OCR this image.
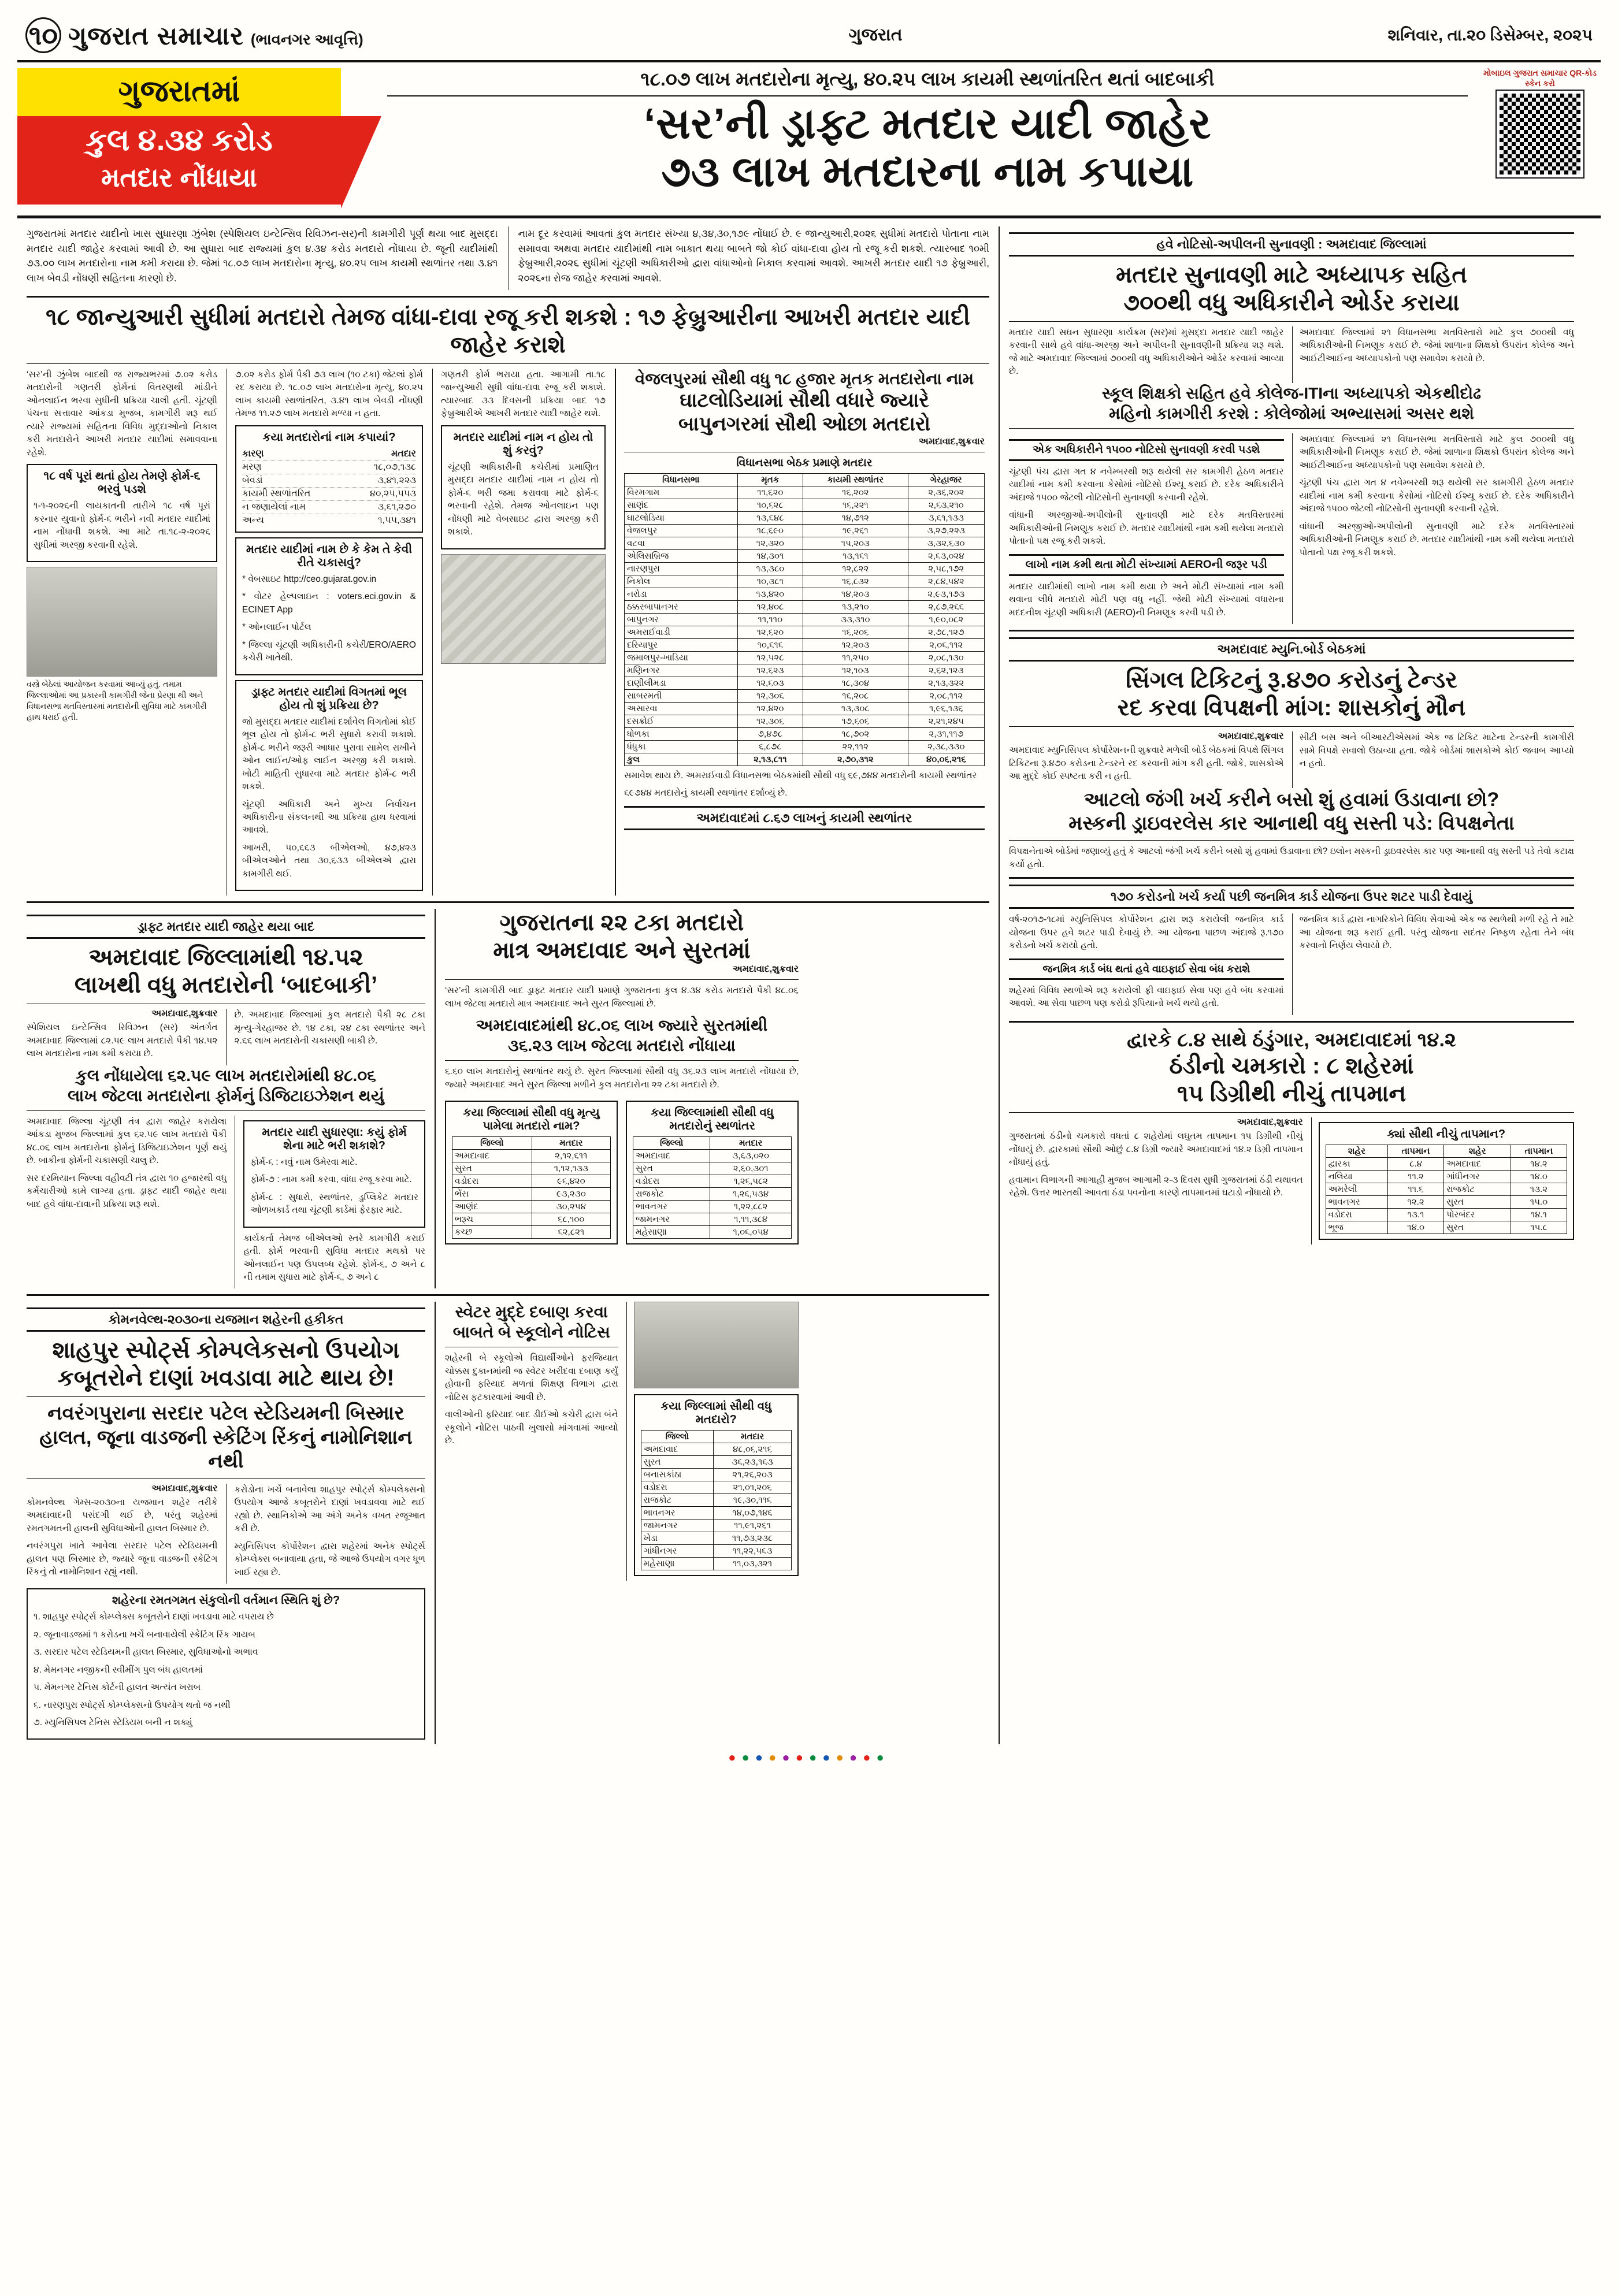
૧૦ ગુજરાત સમાચાર (ભાવનગર આવૃત્તિ)	ગુજરાત	શનિવાર, તા.૨૦ ડિસેમ્બર, ૨૦૨૫
ગુજરાતમાં
કુલ ૪.૩૪ કરોડ
મતદાર નોંધાયા
૧૮.૦૭ લાખ મતદારોના મૃત્યુ, ૪૦.૨૫ લાખ કાયમી સ્થળાંતરિત થતાં બાદબાકી
‘સર’ની ડ્રાફ્ટ મતદાર યાદી જાહેર
૭૩ લાખ મતદારના નામ કપાયા
મોબાઇલ ગુજરાત સમાચાર QR-કોડ સ્કેન કરો

ગુજરાતમાં મતદાર યાદીનો ખાસ સુધારણા ઝુંબેશ (સ્પેશિયલ ઇન્ટેન્સિવ રિવિઝન-સર)ની કામગીરી પૂર્ણ થયા બાદ મુસદ્દા મતદાર યાદી જાહેર કરવામાં આવી છે. આ સુધારા બાદ રાજ્યમાં કુલ ૪.૩૪ કરોડ મતદારો નોંધાયા છે. જૂની યાદીમાંથી ૭૩.૦૦ લાખ મતદારોના નામ કમી કરાયા છે. જેમાં ૧૮.૦૭ લાખ મતદારોના મૃત્યુ, ૪૦.૨૫ લાખ કાયમી સ્થળાંતર તથા ૩.૪૧ લાખ બેવડી નોંધણી સહિતના કારણો છે.

નામ દૂર કરવામાં આવતાં કુલ મતદાર સંખ્યા ૪,૩૪,૩૦,૧૭૯ નોંધાઈ છે. ૯ જાન્યુઆરી,૨૦૨૬ સુધીમાં મતદારો પોતાના નામ સમાવવા અથવા મતદાર યાદીમાંથી નામ બાકાત થયા બાબતે જો કોઈ વાંધા-દાવા હોય તો રજૂ કરી શકશે. ત્યારબાદ ૧૦મી ફેબ્રુઆરી,૨૦૨૬ સુધીમાં ચૂંટણી અધિકારીઓ દ્વારા વાંધાઓનો નિકાલ કરવામાં આવશે. આખરી મતદાર યાદી ૧૭ ફેબ્રુઆરી, ૨૦૨૬ના રોજ જાહેર કરવામાં આવશે.

૧૮ જાન્યુઆરી સુધીમાં મતદારો તેમજ વાંધા-દાવા રજૂ કરી શકશે : ૧૭ ફેબ્રુઆરીના આખરી મતદાર યાદી જાહેર કરાશે

‘સર’ની ઝુંબેશ બાદથી જ રાજ્યભરમાં ૭.૦૨ કરોડ મતદારોની ગણતરી ફોર્મનાં વિતરણથી માંડીને ઓનલાઈન ભરવા સુધીની પ્રક્રિયા ચાલી હતી. ચૂંટણી પંચના સત્તાવાર આંકડા મુજબ, કામગીરી શરૂ થઈ ત્યારે રાજ્યમાં સહિતના વિવિધ મુદ્દાઓનો નિકાલ કરી મતદારોને આખરી મતદાર યાદીમાં સમાવવાના રહેશે.

૧૮ વર્ષ પૂરાં થતાં હોય તેમણે ફોર્મ-૬ ભરવું પડશે

૧-૧-૨૦૨૬ની લાયકાતની તારીખે ૧૮ વર્ષ પૂરાં કરનાર યુવાનો ફોર્મ-૬ ભરીને નવી મતદાર યાદીમાં નામ નોંધાવી શકશે. આ માટે તા.૧૮-૨-૨૦૨૬ સુધીમાં અરજી કરવાની રહેશે.

વસ્ત્રે બેઠેલાં આયોજન કરવામાં આવ્યું હતું. તમામ જિલ્લાઓમાં આ પ્રકારની કામગીરી જેના પ્રેરણા થી અને વિધાનસભા મતવિસ્તારમાં મતદારોની સુવિધા માટે કામગીરી હાથ ધરાઈ હતી.

૭.૦૨ કરોડ ફોર્મ પૈકી ૭૩ લાખ (૧૦ ટકા) જેટલાં ફોર્મ રદ કરાયા છે. ૧૮.૦૭ લાખ મતદારોના મૃત્યુ, ૪૦.૨૫ લાખ કાયમી સ્થળાંતરિત, ૩.૪૧ લાખ બેવડી નોંધણી તેમજ ૧૧.૨૭ લાખ મતદારો મળ્યા ન હતા.

કયા મતદારોનાં નામ કપાયાં?
કારણ	મતદાર
મરણ	૧૮,૦૭,૧૩૮
બેવડાં	૩,૪૧,૨૨૩
કાયમી સ્થળાંતરિત	૪૦,૨૫,૫૫૩
ન જણાયેલાં નામ	૩,૬૧,૨૭૦
અન્ય	૧,૫૫,૩૪૧
મતદાર યાદીમાં નામ છે કે કેમ તે કેવી રીતે ચકાસવું?

* વેબસાઇટ http://ceo.gujarat.gov.in

* વોટર હેલ્પલાઇન : voters.eci.gov.in & ECINET App

* ઓનલાઈન પોર્ટલ

* જિલ્લા ચૂંટણી અધિકારીની કચેરી/ERO/AERO કચેરી ખાતેથી.

ડ્રાફ્ટ મતદાર યાદીમાં વિગતમાં ભૂલ હોય તો શું પ્રક્રિયા છે?

જો મુસદ્દા મતદાર યાદીમાં દર્શાવેલ વિગતોમાં કોઈ ભૂલ હોય તો ફોર્મ-૮ ભરી સુધારો કરાવી શકાશે. ફોર્મ-૮ ભરીને જરૂરી આધાર પુરાવા સામેલ રાખીને ઓન લાઈન/ઓફ લાઈન અરજી કરી શકાશે. ખોટી માહિતી સુધારવા માટે મતદાર ફોર્મ-૮ ભરી શકશે.

ચૂંટણી અધિકારી અને મુખ્ય નિર્વાચન અધિકારીના સંકલનથી આ પ્રક્રિયા હાથ ધરવામાં આવશે.

આખરી, ૫૦,૬૬૩ બીએલઓ, ૪૭,૪૨૩ બીએલઓને તથા ૩૦,૬૩૩ બીએલએ દ્વારા કામગીરી થઈ.

ગણતરી ફોર્મ ભરાયા હતા. આગામી તા.૧૮ જાન્યુઆરી સુધી વાંધા-દાવા રજૂ કરી શકાશે. ત્યારબાદ ૩૩ દિવસની પ્રક્રિયા બાદ ૧૭ ફેબ્રુઆરીએ આખરી મતદાર યાદી જાહેર થશે.

મતદાર યાદીમાં નામ ન હોય તો શું કરવું?

ચૂંટણી અધિકારીની કચેરીમાં પ્રમાણિત મુસદ્દા મતદાર યાદીમાં નામ ન હોય તો ફોર્મ-૬ ભરી જમા કરાવવા માટે ફોર્મ-૬ ભરવાની રહેશે. તેમજ ઓનલાઇન પણ નોંધણી માટે વેબસાઇટ દ્વારા અરજી કરી શકાશે.

વેજલપુરમાં સૌથી વધુ ૧૮ હજાર મૃતક મતદારોના નામ
ઘાટલોડિયામાં સૌથી વધારે જ્યારે
બાપુનગરમાં સૌથી ઓછા મતદારો
અમદાવાદ,શુક્રવાર
વિધાનસભા બેઠક પ્રમાણે મતદાર
વિધાનસભા	મૃતક	કાયમી સ્થળાંતર	ગેરહાજર
વિરમગામ	૧૧,૬૨૦	૧૬,૨૦૨	૨,૩૬,૨૦૨
સાણંદ	૧૦,૬૨૮	૧૬,૨૨૧	૨,૬૩,૨૧૦
ઘાટલોડિયા	૧૩,૬૪૮	૧૪,૭૧૨	૩,૬૧,૧૩૩
વેજલપુર	૧૮,૬૯૦	૧૯,૨૬૧	૩,૨૭,૨૨૩
વટવા	૧૨,૩૨૦	૧૫,૨૦૩	૩,૩૨,૬૩૦
એલિસબ્રિજ	૧૪,૩૦૧	૧૩,૧૬૧	૨,૬૩,૦૨૪
નારણપુરા	૧૩,૩૮૦	૧૨,૮૨૨	૨,૫૮,૧૭૨
નિકોલ	૧૦,૩૮૧	૧૬,૮૩૨	૨,૮૪,૫૪૨
નરોડા	૧૩,૪૨૦	૧૪,૨૦૩	૨,૯૩,૧૭૩
ઠક્કરબાપાનગર	૧૨,૪૦૮	૧૩,૨૧૦	૨,૮૭,૨૬૬
બાપુનગર	૧૧,૧૧૦	૩૩,૩૧૦	૧,૯૦,૦૮૨
અમરાઈવાડી	૧૨,૬૨૦	૧૬,૨૦૬	૨,૭૮,૧૨૭
દરિયાપુર	૧૦,૬૧૬	૧૨,૨૦૩	૨,૦૬,૧૧૨
જમાલપુર-ખાડિયા	૧૨,૫૨૮	૧૧,૨૫૦	૨,૦૮,૧૩૦
મણિનગર	૧૨,૬૨૩	૧૨,૧૦૩	૨,૬૨,૧૨૩
દાણીલીમડા	૧૨,૬૦૩	૧૮,૩૦૪	૨,૧૩,૩૨૨
સાબરમતી	૧૨,૩૦૬	૧૬,૨૦૮	૨,૦૮,૧૧૨
અસારવા	૧૨,૪૨૦	૧૩,૩૦૮	૧,૯૬,૧૩૬
દસક્રોઈ	૧૨,૩૦૬	૧૭,૬૦૬	૨,૨૧,૨૪૫
ધોળકા	૭,૪૭૮	૧૮,૭૦૨	૨,૩૧,૧૧૭
ધંધુકા	૬,૮૭૮	૨૨,૧૧૨	૨,૩૮,૩૩૦
કુલ	૨,૧૩,૮૧૧	૨,૭૦,૩૧૨	૪૦,૦૬,૨૧૬

સમાવેશ થાય છે. અમરાઈવાડી વિધાનસભા બેઠકમાંથી સૌથી વધુ ૬૯,૭૪૪ મતદારોની કાયમી સ્થળાંતર

૬૯૭૪૪ મતદારોનું કાયમી સ્થળાંતર દર્શાવ્યું છે.

અમદાવાદમાં ૮.૬૭ લાખનું કાયમી સ્થળાંતર
ડ્રાફ્ટ મતદાર યાદી જાહેર થયા બાદ
અમદાવાદ જિલ્લામાંથી ૧૪.૫૨
લાખથી વધુ મતદારોની ‘બાદબાકી’
અમદાવાદ,શુક્રવાર

સ્પેશિયલ ઇન્ટેન્સિવ રિવિઝન (સર) અંતર્ગત અમદાવાદ જિલ્લામાં ૮૨.૫૯ લાખ મતદારો પૈકી ૧૪.૫૨ લાખ મતદારોના નામ કમી કરાયા છે.

છે. અમદાવાદ જિલ્લામાં કુલ મતદારો પૈકી ૨૮ ટકા મૃત્યુ-ગેરહાજર છે. ૧૪ ટકા, ૨૪ ટકા સ્થળાંતર અને ૨.૬૬ લાખ મતદારોની ચકાસણી બાકી છે.

કુલ નોંધાયેલા ૬૨.૫૯ લાખ મતદારોમાંથી ૪૮.૦૬
લાખ જેટલા મતદારોના ફોર્મનું ડિજિટાઇઝેશન થયું

અમદાવાદ જિલ્લા ચૂંટણી તંત્ર દ્વારા જાહેર કરાયેલા આંકડા મુજબ જિલ્લામાં કુલ ૬૨.૫૯ લાખ મતદારો પૈકી ૪૮.૦૬ લાખ મતદારોના ફોર્મનું ડિજિટાઇઝેશન પૂર્ણ થયું છે. બાકીના ફોર્મની ચકાસણી ચાલુ છે.

સર દરમિયાન જિલ્લા વહીવટી તંત્ર દ્વારા ૧૦ હજારથી વધુ કર્મચારીઓ કામે લાગ્યા હતા. ડ્રાફ્ટ યાદી જાહેર થયા બાદ હવે વાંધા-દાવાની પ્રક્રિયા શરૂ થશે.

મતદાર યાદી સુધારણા: કયું ફોર્મ શેના માટે ભરી શકાશે?

ફોર્મ-૬ : નવું નામ ઉમેરવા માટે.

ફોર્મ-૭ : નામ કમી કરવા, વાંધા રજૂ કરવા માટે.

ફોર્મ-૮ : સુધારો, સ્થળાંતર, ડુપ્લિકેટ મતદાર ઓળખકાર્ડ તથા ચૂંટણી કાર્ડમાં ફેરફાર માટે.

કાર્યકર્તા તેમજ બીએલઓ સ્તરે કામગીરી કરાઈ હતી. ફોર્મ ભરવાની સુવિધા મતદાર મથકો પર ઓનલાઈન પણ ઉપલબ્ધ રહેશે. ફોર્મ-૬, ૭ અને ૮ ની તમામ સુધારા માટે ફોર્મ-૬, ૭ અને ૮

ગુજરાતના ૨૨ ટકા મતદારો
માત્ર અમદાવાદ અને સુરતમાં
અમદાવાદ,શુક્રવાર

‘સર’ની કામગીરી બાદ ડ્રાફ્ટ મતદાર યાદી પ્રમાણે ગુજરાતના કુલ ૪.૩૪ કરોડ મતદારો પૈકી ૪૮.૦૬ લાખ જેટલા મતદારો માત્ર અમદાવાદ અને સુરત જિલ્લામાં છે.

અમદાવાદમાંથી ૪૮.૦૬ લાખ જ્યારે સુરતમાંથી
૩૬.૨૩ લાખ જેટલા મતદારો નોંધાયા

૬.૬૦ લાખ મતદારોનું સ્થળાંતર થયું છે. સુરત જિલ્લામાં સૌથી વધુ ૩૬.૨૩ લાખ મતદારો નોંધાયા છે, જ્યારે અમદાવાદ અને સુરત જિલ્લા મળીને કુલ મતદારોના ૨૨ ટકા મતદારો છે.

કયા જિલ્લામાં સૌથી વધુ મૃત્યુ પામેલા મતદારો નામ?
જિલ્લો	મતદાર
અમદાવાદ	૨,૧૨,૬૧૧
સુરત	૧,૧૨,૧૩૩
વડોદરા	૯૬,૪૨૦
ભેંસ	૯૩,૨૩૦
આણંદ	૩૦,૨૫૪
ભરૂચ	૬૮,૧૦૦
કચ્છ	૬૨,૮૨૧
કયા જિલ્લામાંથી સૌથી વધુ મતદારોનું સ્થળાંતર
જિલ્લો	મતદાર
અમદાવાદ	૩,૬૩,૦૨૦
સુરત	૨,૬૦,૩૦૧
વડોદરા	૧,૨૬,૫૮૨
રાજકોટ	૧,૨૬,૫૩૪
ભાવનગર	૧,૨૨,૮૮૨
જામનગર	૧,૧૧,૩૮૪
મહેસાણા	૧,૦૬,૦૫૪
કોમનવેલ્થ-૨૦૩૦ના યજમાન શહેરની હકીકત
શાહપુર સ્પોર્ટ્સ કોમ્પલેકસનો ઉપયોગ
કબૂતરોને દાણાં ખવડાવા માટે થાય છે!
નવરંગપુરાના સરદાર પટેલ સ્ટેડિયમની બિસ્માર
હાલત, જૂના વાડજની સ્કેટિંગ રિંકનું નામોનિશાન નથી
અમદાવાદ,શુક્રવાર

કોમનવેલ્થ ગેમ્સ-૨૦૩૦ના યજમાન શહેર તરીકે અમદાવાદની પસંદગી થઈ છે, પરંતુ શહેરમાં રમતગમતની હાલની સુવિધાઓની હાલત બિસ્માર છે.

નવરંગપુરા ખાતે આવેલા સરદાર પટેલ સ્ટેડિયમની હાલત પણ બિસ્માર છે, જ્યારે જૂના વાડજની સ્કેટિંગ રિંકનું તો નામોનિશાન રહ્યું નથી.

કરોડોના ખર્ચે બનાવેલા શાહપુર સ્પોર્ટ્સ કોમ્પલેક્સનો ઉપયોગ આજે કબૂતરોને દાણાં ખવડાવવા માટે થઈ રહ્યો છે. સ્થાનિકોએ આ અંગે અનેક વખત રજૂઆત કરી છે.

મ્યુનિસિપલ કોર્પોરેશન દ્વારા શહેરમાં અનેક સ્પોર્ટ્સ કોમ્પ્લેક્સ બનાવાયા હતા, જે આજે ઉપયોગ વગર ધૂળ ખાઈ રહ્યા છે.

શહેરના રમતગમત સંકુલોની વર્તમાન સ્થિતિ શું છે?

૧. શાહપુર સ્પોર્ટ્સ કોમ્પ્લેક્સ કબૂતરોને દાણાં ખવડાવા માટે વપરાય છે

૨. જૂનાવાડજમાં ૧ કરોડના ખર્ચે બનાવાયેલી સ્કેટિંગ રિંક ગાયબ

૩. સરદાર પટેલ સ્ટેડિયમની હાલત બિસ્માર, સુવિધાઓનો અભાવ

૪. મેમનગર નજીકની સ્વીમીંગ પુલ બંધ હાલતમાં

૫. મેમનગર ટેનિસ કોર્ટની હાલત અત્યંત ખરાબ

૬. નારણપુરા સ્પોર્ટ્સ કોમ્પ્લેક્સનો ઉપયોગ થતો જ નથી

૭. મ્યુનિસિપલ ટેનિસ સ્ટેડિયમ બની ન શક્યું

સ્વેટર મુદ્દે દબાણ કરવા
બાબતે બે સ્કૂલોને નોટિસ

શહેરની બે સ્કૂલોએ વિદ્યાર્થીઓને ફરજિયાત ચોક્કસ દુકાનમાંથી જ સ્વેટર ખરીદવા દબાણ કર્યું હોવાની ફરિયાદ મળતાં શિક્ષણ વિભાગ દ્વારા નોટિસ ફટકારવામાં આવી છે.

વાલીઓની ફરિયાદ બાદ ડીઈઓ કચેરી દ્વારા બંને સ્કૂલોને નોટિસ પાઠવી ખુલાસો માંગવામાં આવ્યો છે.

કયા જિલ્લામાં સૌથી વધુ મતદારો?
જિલ્લો	મતદાર
અમદાવાદ	૪૮,૦૬,૨૧૬
સુરત	૩૬,૨૩,૧૬૩
બનાસકાંઠા	૨૧,૨૬,૨૦૩
વડોદરા	૨૧,૦૧,૨૦૬
રાજકોટ	૧૯,૩૦,૧૧૬
ભાવનગર	૧૪,૦૭,૧૪૬
જામનગર	૧૧,૯૧,૨૬૧
ખેડા	૧૧,૭૩,૨૩૮
ગાંધીનગર	૧૧,૨૨,૫૬૩
મહેસાણા	૧૧,૦૩,૩૨૧
હવે નોટિસો-અપીલની સુનાવણી : અમદાવાદ જિલ્લામાં
મતદાર સુનાવણી માટે અધ્યાપક સહિત
૭૦૦થી વધુ અધિકારીને ઓર્ડર કરાયા

મતદાર યાદી સઘન સુધારણા કાર્યક્રમ (સર)માં મુસદ્દા મતદાર યાદી જાહેર કરવાની સાથે હવે વાંધા-અરજી અને અપીલની સુનાવણીની પ્રક્રિયા શરૂ થશે. જે માટે અમદાવાદ જિલ્લામાં ૭૦૦થી વધુ અધિકારીઓને ઓર્ડર કરવામાં આવ્યા છે.

અમદાવાદ જિલ્લામાં ૨૧ વિધાનસભા મતવિસ્તારો માટે કુલ ૭૦૦થી વધુ અધિકારીઓની નિમણૂક કરાઈ છે. જેમાં શાળાના શિક્ષકો ઉપરાંત કોલેજ અને આઈટીઆઈના અધ્યાપકોનો પણ સમાવેશ કરાયો છે.

સ્કૂલ શિક્ષકો સહિત હવે કોલેજ-ITIના અધ્યાપકો એકથીદોઢ
મહિનો કામગીરી કરશે : કોલેજોમાં અભ્યાસમાં અસર થશે
એક અધિકારીને ૧૫૦૦ નોટિસો સુનાવણી કરવી પડશે

ચૂંટણી પંચ દ્વારા ગત ૪ નવેમ્બરથી શરૂ થયેલી સર કામગીરી હેઠળ મતદાર યાદીમાં નામ કમી કરવાના કેસોમાં નોટિસો ઈશ્યૂ કરાઈ છે. દરેક અધિકારીને અંદાજે ૧૫૦૦ જેટલી નોટિસોની સુનાવણી કરવાની રહેશે.

વાંધાની અરજીઓ-અપીલોની સુનાવણી માટે દરેક મતવિસ્તારમાં અધિકારીઓની નિમણૂક કરાઈ છે. મતદાર યાદીમાંથી નામ કમી થયેલા મતદારો પોતાનો પક્ષ રજૂ કરી શકશે.

લાખો નામ કમી થતા મોટી સંખ્યામાં AEROની જરૂર પડી

મતદાર યાદીમાંથી લાખો નામ કમી થયા છે અને મોટી સંખ્યામાં નામ કમી થવાના લીધે મતદારો મોટી પણ વધુ નહીં. જેથી મોટી સંખ્યામાં વધારાના મદદનીશ ચૂંટણી અધિકારી (AERO)ની નિમણૂક કરવી પડી છે.

અમદાવાદ જિલ્લામાં ૨૧ વિધાનસભા મતવિસ્તારો માટે કુલ ૭૦૦થી વધુ અધિકારીઓની નિમણૂક કરાઈ છે. જેમાં શાળાના શિક્ષકો ઉપરાંત કોલેજ અને આઈટીઆઈના અધ્યાપકોનો પણ સમાવેશ કરાયો છે.

ચૂંટણી પંચ દ્વારા ગત ૪ નવેમ્બરથી શરૂ થયેલી સર કામગીરી હેઠળ મતદાર યાદીમાં નામ કમી કરવાના કેસોમાં નોટિસો ઈશ્યૂ કરાઈ છે. દરેક અધિકારીને અંદાજે ૧૫૦૦ જેટલી નોટિસોની સુનાવણી કરવાની રહેશે.

વાંધાની અરજીઓ-અપીલોની સુનાવણી માટે દરેક મતવિસ્તારમાં અધિકારીઓની નિમણૂક કરાઈ છે. મતદાર યાદીમાંથી નામ કમી થયેલા મતદારો પોતાનો પક્ષ રજૂ કરી શકશે.

અમદાવાદ મ્યુનિ.બોર્ડ બેઠકમાં
સિંગલ ટિકિટનું રૂ.૪૭૦ કરોડનું ટેન્ડર
રદ કરવા વિપક્ષની માંગ: શાસકોનું મૌન
અમદાવાદ,શુક્રવાર

અમદાવાદ મ્યુનિસિપલ કોર્પોરેશનની શુક્રવારે મળેલી બોર્ડ બેઠકમાં વિપક્ષે સિંગલ ટિકિટના રૂ.૪૭૦ કરોડના ટેન્ડરને રદ કરવાની માંગ કરી હતી. જોકે, શાસકોએ આ મુદ્દે કોઈ સ્પષ્ટતા કરી ન હતી.

સીટી બસ અને બીઆરટીએસમાં એક જ ટિકિટ માટેના ટેન્ડરની કામગીરી સામે વિપક્ષે સવાલો ઉઠાવ્યા હતા. જોકે બોર્ડમાં શાસકોએ કોઈ જવાબ આપ્યો ન હતો.

આટલો જંગી ખર્ચ કરીને બસો શું હવામાં ઉડાવાના છો?
મસ્કની ડ્રાઇવરલેસ કાર આનાથી વધુ સસ્તી પડે: વિપક્ષનેતા

વિપક્ષનેતાએ બોર્ડમાં જણાવ્યું હતું કે આટલો જંગી ખર્ચ કરીને બસો શું હવામાં ઉડાવાના છો? ઇલોન મસ્કની ડ્રાઇવરલેસ કાર પણ આનાથી વધુ સસ્તી પડે તેવો કટાક્ષ કર્યો હતો.

૧૭૦ કરોડનો ખર્ચ કર્યા પછી જનમિત્ર કાર્ડ યોજના ઉપર શટર પાડી દેવાયું

વર્ષ-૨૦૧૭-૧૮માં મ્યુનિસિપલ કોર્પોરેશન દ્વારા શરૂ કરાયેલી જનમિત્ર કાર્ડ યોજના ઉપર હવે શટર પાડી દેવાયું છે. આ યોજના પાછળ અંદાજે રૂ.૧૭૦ કરોડનો ખર્ચ કરાયો હતો.

જનમિત્ર કાર્ડ બંધ થતાં હવે વાઇફાઈ સેવા બંધ કરાશે

શહેરમાં વિવિધ સ્થળોએ શરૂ કરાયેલી ફ્રી વાઇફાઈ સેવા પણ હવે બંધ કરવામાં આવશે. આ સેવા પાછળ પણ કરોડો રૂપિયાનો ખર્ચ થયો હતો.

જનમિત્ર કાર્ડ દ્વારા નાગરિકોને વિવિધ સેવાઓ એક જ સ્થળેથી મળી રહે તે માટે આ યોજના શરૂ કરાઈ હતી. પરંતુ યોજના સદંતર નિષ્ફળ રહેતા તેને બંધ કરવાનો નિર્ણય લેવાયો છે.

દ્વારકે ૮.૪ સાથે ઠંડુંગાર, અમદાવાદમાં ૧૪.૨
ઠંડીનો ચમકારો : ૮ શહેરમાં
૧૫ ડિગ્રીથી નીચું તાપમાન
અમદાવાદ,શુક્રવાર

ગુજરાતમાં ઠંડીનો ચમકારો વધતાં ૮ શહેરોમાં લઘુતમ તાપમાન ૧૫ ડિગ્રીથી નીચું નોંધાયું છે. દ્વારકામાં સૌથી ઓછું ૮.૪ ડિગ્રી જ્યારે અમદાવાદમાં ૧૪.૨ ડિગ્રી તાપમાન નોંધાયું હતું.

હવામાન વિભાગની આગાહી મુજબ આગામી ૨-૩ દિવસ સુધી ગુજરાતમાં ઠંડી યથાવત રહેશે. ઉત્તર ભારતથી આવતા ઠંડા પવનોના કારણે તાપમાનમાં ઘટાડો નોંધાયો છે.

ક્યાં સૌથી નીચું તાપમાન?
શહેર	તાપમાન	શહેર	તાપમાન
દ્વારકા	૮.૪	અમદાવાદ	૧૪.૨
નલિયા	૧૧.૨	ગાંધીનગર	૧૪.૦
અમરેલી	૧૧.૬	રાજકોટ	૧૩.૨
ભાવનગર	૧૨.૨	સુરત	૧૫.૦
વડોદરા	૧૩.૧	પોરબંદર	૧૪.૧
ભૂજ	૧૪.૦	સુરત	૧૫.૮
●●●●●●●●●●●●
